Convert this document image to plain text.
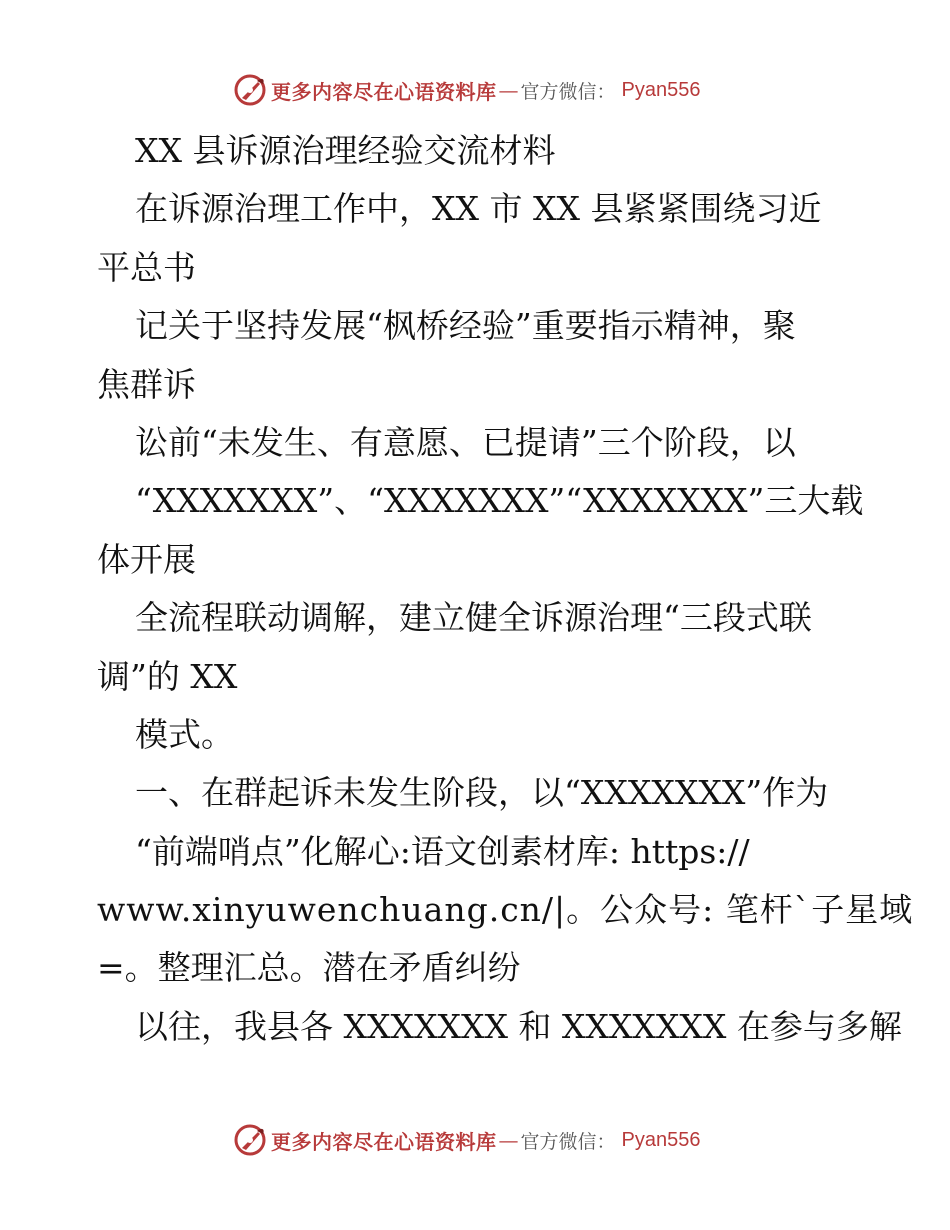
更多内容尽在心语资料库 — 官方微信： Pyan556
XX 县诉源治理经验交流材料
在诉源治理工作中，XX 市 XX 县紧紧围绕习近
平总书
记关于坚持发展“枫桥经验”重要指示精神，聚
焦群诉
讼前“未发生、有意愿、已提请”三个阶段，以
“XXXXXXX”、“XXXXXXX”“XXXXXXX”三大载
体开展
全流程联动调解，建立健全诉源治理“三段式联
调”的 XX
模式。
一、在群起诉未发生阶段，以“XXXXXXX”作为
“前端哨点”化解心:语文创素材库: https://
www.xinyuwenchuang.cn/|。公众号: 笔杆`子星域
=。整理汇总。潜在矛盾纠纷
以往，我县各 XXXXXXX 和 XXXXXXX 在参与多解
更多内容尽在心语资料库 — 官方微信： Pyan556
